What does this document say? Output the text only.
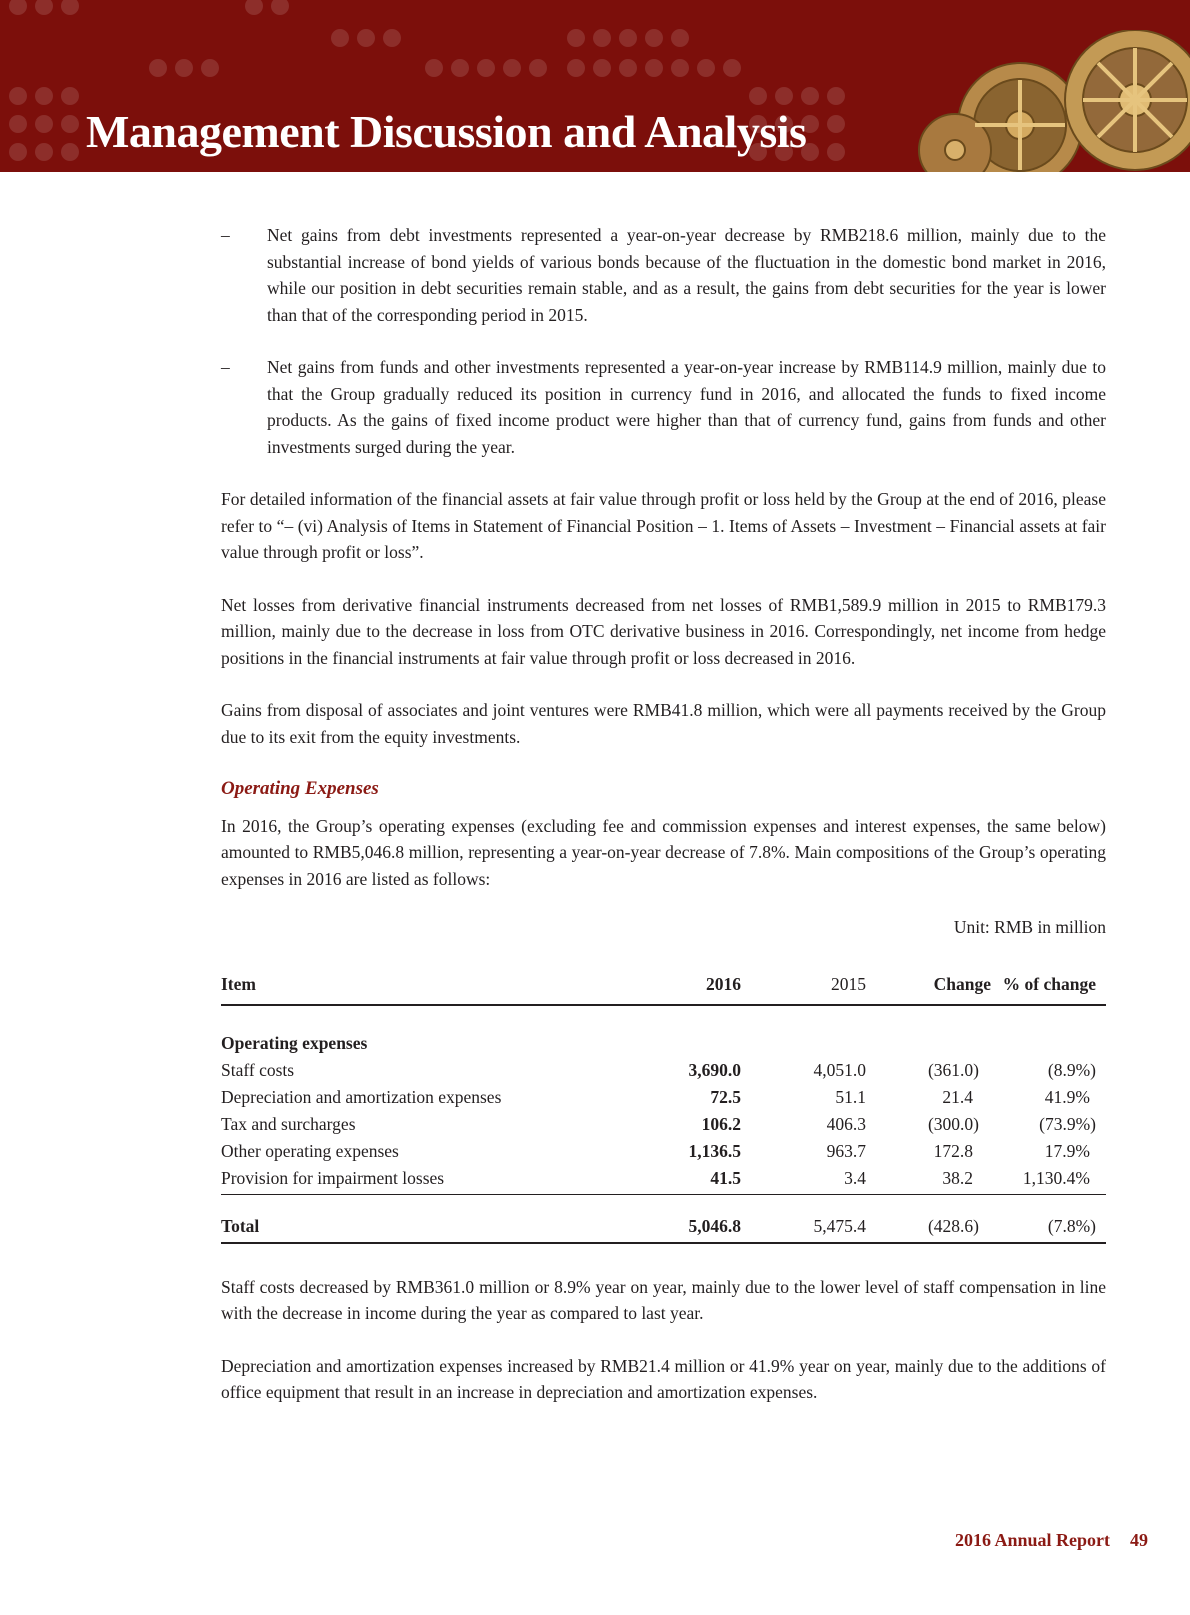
Management Discussion and Analysis
– Net gains from debt investments represented a year-on-year decrease by RMB218.6 million, mainly due to the substantial increase of bond yields of various bonds because of the fluctuation in the domestic bond market in 2016, while our position in debt securities remain stable, and as a result, the gains from debt securities for the year is lower than that of the corresponding period in 2015.
– Net gains from funds and other investments represented a year-on-year increase by RMB114.9 million, mainly due to that the Group gradually reduced its position in currency fund in 2016, and allocated the funds to fixed income products. As the gains of fixed income product were higher than that of currency fund, gains from funds and other investments surged during the year.

For detailed information of the financial assets at fair value through profit or loss held by the Group at the end of 2016, please refer to “– (vi) Analysis of Items in Statement of Financial Position – 1. Items of Assets – Investment – Financial assets at fair value through profit or loss”.

Net losses from derivative financial instruments decreased from net losses of RMB1,589.9 million in 2015 to RMB179.3 million, mainly due to the decrease in loss from OTC derivative business in 2016. Correspondingly, net income from hedge positions in the financial instruments at fair value through profit or loss decreased in 2016.

Gains from disposal of associates and joint ventures were RMB41.8 million, which were all payments received by the Group due to its exit from the equity investments.

Operating Expenses

In 2016, the Group’s operating expenses (excluding fee and commission expenses and interest expenses, the same below) amounted to RMB5,046.8 million, representing a year-on-year decrease of 7.8%. Main compositions of the Group’s operating expenses in 2016 are listed as follows:

Unit: RMB in million
Item	2016	2015	Change	% of change

Operating expenses				
Staff costs	3,690.0	4,051.0	(361.0)	(8.9%)
Depreciation and amortization expenses	72.5	51.1	21.4	41.9%
Tax and surcharges	106.2	406.3	(300.0)	(73.9%)
Other operating expenses	1,136.5	963.7	172.8	17.9%
Provision for impairment losses	41.5	3.4	38.2	1,130.4%

Total	5,046.8	5,475.4	(428.6)	(7.8%)

Staff costs decreased by RMB361.0 million or 8.9% year on year, mainly due to the lower level of staff compensation in line with the decrease in income during the year as compared to last year.

Depreciation and amortization expenses increased by RMB21.4 million or 41.9% year on year, mainly due to the additions of office equipment that result in an increase in depreciation and amortization expenses.

2016 Annual Report 49
